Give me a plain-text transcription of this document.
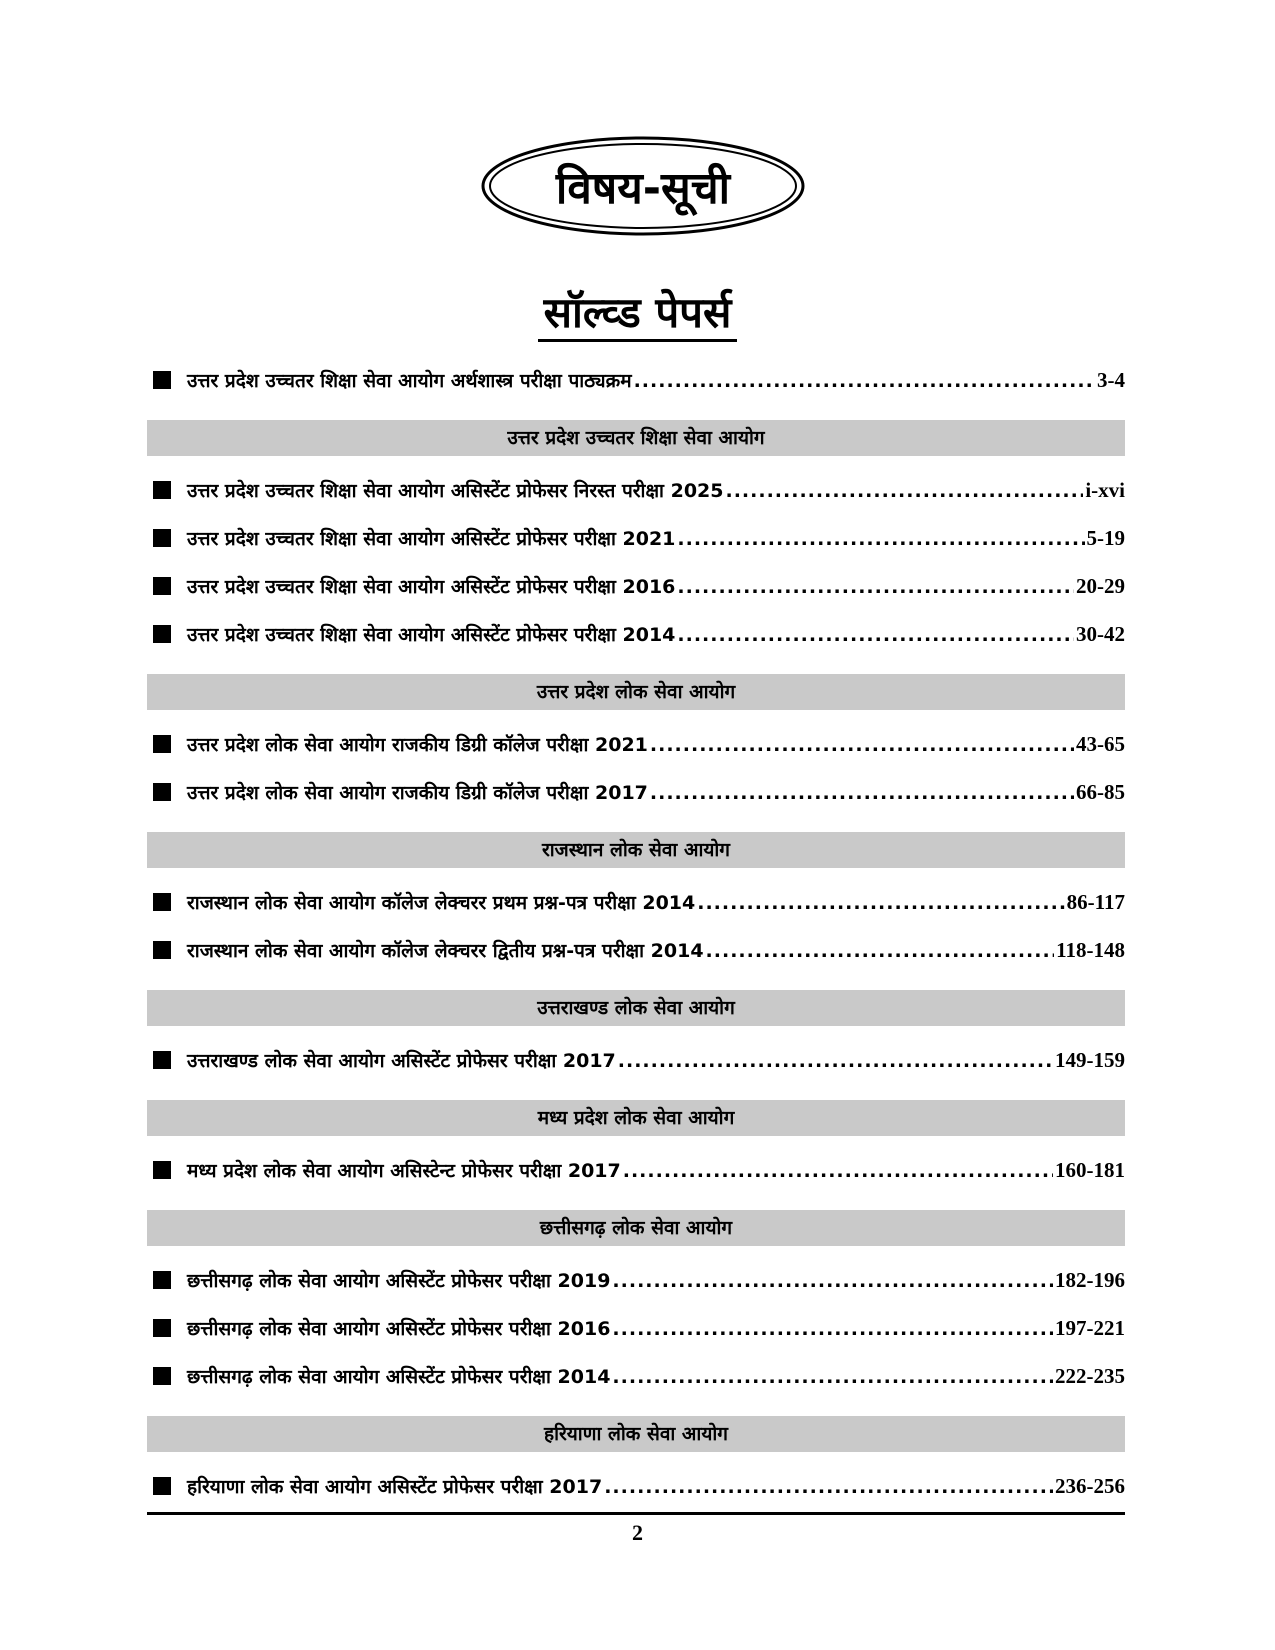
विषय-सूची
सॉल्व्ड पेपर्स
उत्तर प्रदेश उच्चतर शिक्षा सेवा आयोग अर्थशास्त्र परीक्षा पाठ्यक्रम .....	3-4
उत्तर प्रदेश उच्चतर शिक्षा सेवा आयोग
उत्तर प्रदेश उच्चतर शिक्षा सेवा आयोग असिस्टेंट प्रोफेसर निरस्त परीक्षा 2025 .....	i-xvi
उत्तर प्रदेश उच्चतर शिक्षा सेवा आयोग असिस्टेंट प्रोफेसर परीक्षा 2021 .....	5-19
उत्तर प्रदेश उच्चतर शिक्षा सेवा आयोग असिस्टेंट प्रोफेसर परीक्षा 2016 .....	20-29
उत्तर प्रदेश उच्चतर शिक्षा सेवा आयोग असिस्टेंट प्रोफेसर परीक्षा 2014 .....	30-42
उत्तर प्रदेश लोक सेवा आयोग
उत्तर प्रदेश लोक सेवा आयोग राजकीय डिग्री कॉलेज परीक्षा 2021 .....	43-65
उत्तर प्रदेश लोक सेवा आयोग राजकीय डिग्री कॉलेज परीक्षा 2017 .....	66-85
राजस्थान लोक सेवा आयोग
राजस्थान लोक सेवा आयोग कॉलेज लेक्चरर प्रथम प्रश्न-पत्र परीक्षा 2014 .....	86-117
राजस्थान लोक सेवा आयोग कॉलेज लेक्चरर द्वितीय प्रश्न-पत्र परीक्षा 2014 .....	118-148
उत्तराखण्ड लोक सेवा आयोग
उत्तराखण्ड लोक सेवा आयोग असिस्टेंट प्रोफेसर परीक्षा 2017 .....	149-159
मध्य प्रदेश लोक सेवा आयोग
मध्य प्रदेश लोक सेवा आयोग असिस्टेन्ट प्रोफेसर परीक्षा 2017 .....	160-181
छत्तीसगढ़ लोक सेवा आयोग
छत्तीसगढ़ लोक सेवा आयोग असिस्टेंट प्रोफेसर परीक्षा 2019 .....	182-196
छत्तीसगढ़ लोक सेवा आयोग असिस्टेंट प्रोफेसर परीक्षा 2016 .....	197-221
छत्तीसगढ़ लोक सेवा आयोग असिस्टेंट प्रोफेसर परीक्षा 2014 .....	222-235
हरियाणा लोक सेवा आयोग
हरियाणा लोक सेवा आयोग असिस्टेंट प्रोफेसर परीक्षा 2017 .....	236-256
2
